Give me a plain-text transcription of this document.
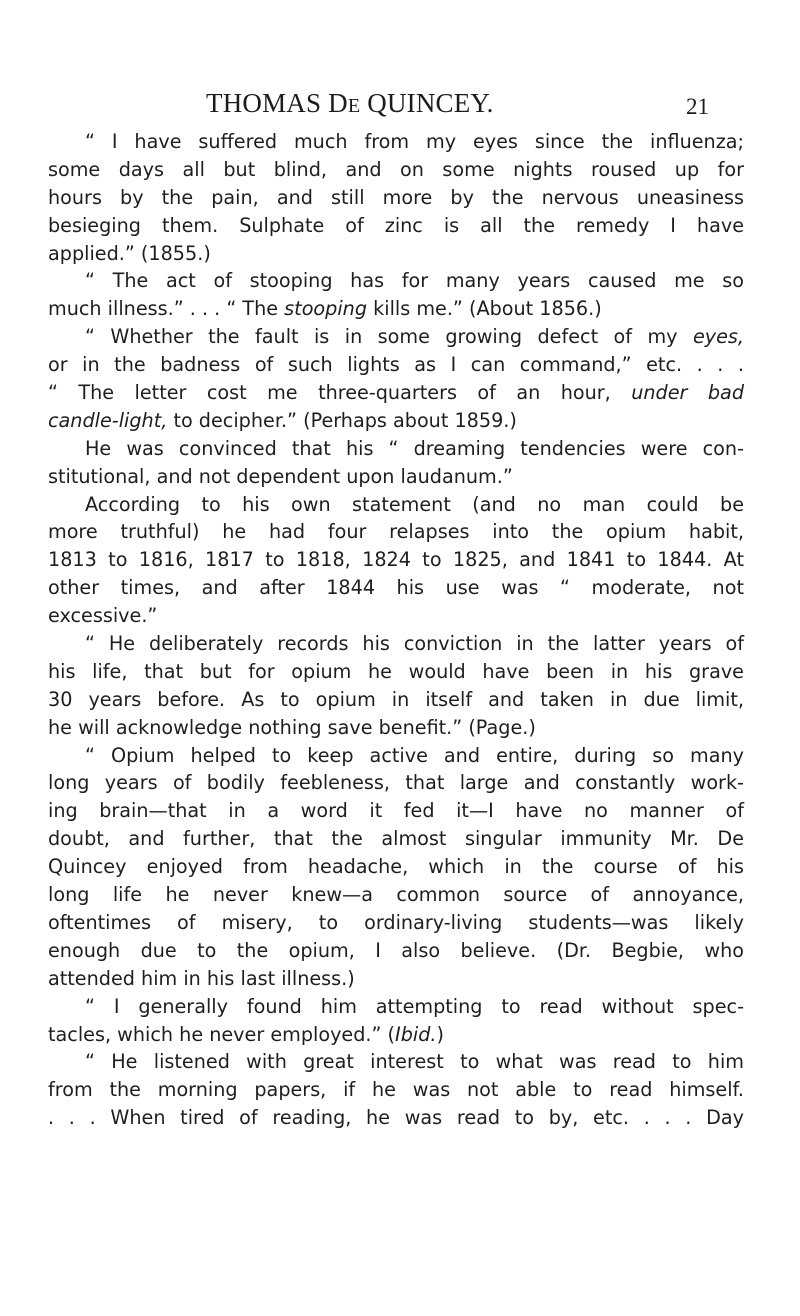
THOMAS DE QUINCEY.	21
“ I have suffered much from my eyes since the influenza;
some days all but blind, and on some nights roused up for
hours by the pain, and still more by the nervous uneasiness
besieging them. Sulphate of zinc is all the remedy I have
applied.” (1855.)
“ The act of stooping has for many years caused me so
much illness.” . . . “ The stooping kills me.” (About 1856.)
“ Whether the fault is in some growing defect of my eyes,
or in the badness of such lights as I can command,” etc. . . .
“ The letter cost me three-quarters of an hour, under bad
candle-light, to decipher.” (Perhaps about 1859.)
He was convinced that his “ dreaming tendencies were con-
stitutional, and not dependent upon laudanum.”
According to his own statement (and no man could be
more truthful) he had four relapses into the opium habit,
1813 to 1816, 1817 to 1818, 1824 to 1825, and 1841 to 1844. At
other times, and after 1844 his use was “ moderate, not
excessive.”
“ He deliberately records his conviction in the latter years of
his life, that but for opium he would have been in his grave
30 years before. As to opium in itself and taken in due limit,
he will acknowledge nothing save benefit.” (Page.)
“ Opium helped to keep active and entire, during so many
long years of bodily feebleness, that large and constantly work-
ing brain—that in a word it fed it—I have no manner of
doubt, and further, that the almost singular immunity Mr. De
Quincey enjoyed from headache, which in the course of his
long life he never knew—a common source of annoyance,
oftentimes of misery, to ordinary-living students—was likely
enough due to the opium, I also believe. (Dr. Begbie, who
attended him in his last illness.)
“ I generally found him attempting to read without spec-
tacles, which he never employed.” (Ibid.)
“ He listened with great interest to what was read to him
from the morning papers, if he was not able to read himself.
. . . When tired of reading, he was read to by, etc. . . . Day
